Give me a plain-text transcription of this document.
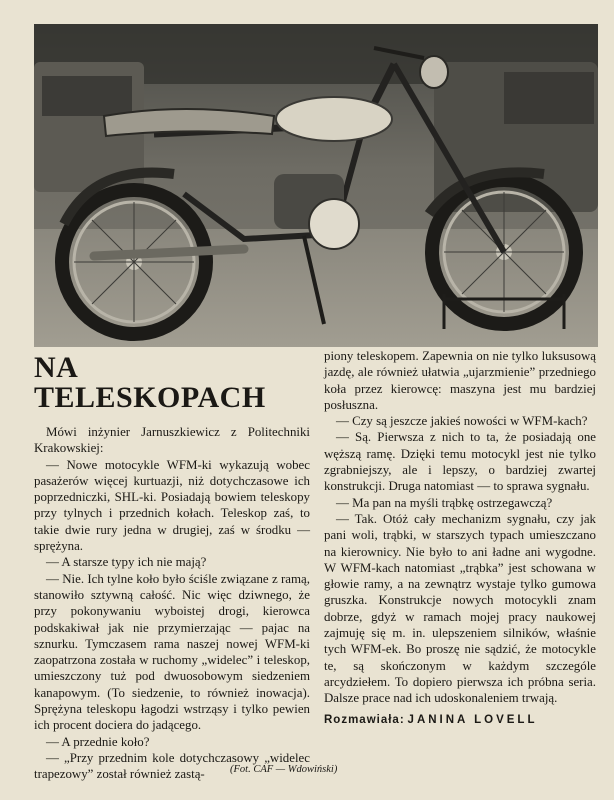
NA TELESKOPACH

Mówi inżynier Jarnuszkiewicz z Politechniki Krakowskiej:

— Nowe motocykle WFM-ki wykazują wobec pasażerów więcej kurtuazji, niż dotychczasowe ich poprzedniczki, SHL-ki. Posiadają bowiem teleskopy przy tylnych i przednich kołach. Teleskop zaś, to takie dwie rury jedna w drugiej, zaś w środku — sprężyna.

— A starsze typy ich nie mają?

— Nie. Ich tylne koło było ściśle związane z ramą, stanowiło sztywną całość. Nic więc dziwnego, że przy pokonywaniu wyboistej drogi, kierowca podskakiwał jak nie przymierzając — pajac na sznurku. Tymczasem rama naszej nowej WFM-ki zaopatrzona została w ruchomy „widelec” i teleskop, umieszczony tuż pod dwuosobowym siedzeniem kanapowym. (To siedzenie, to również inowacja). Sprężyna teleskopu łagodzi wstrząsy i tylko pewien ich procent dociera do jadącego.

— A przednie koło?

— „Przy przednim kole dotychczasowy „widelec trapezowy” został również zastą-

piony teleskopem. Zapewnia on nie tylko luksusową jazdę, ale również ułatwia „ujarzmienie” przedniego koła przez kierowcę: maszyna jest mu bardziej posłuszna.

— Czy są jeszcze jakieś nowości w WFM-kach?

— Są. Pierwsza z nich to ta, że posiadają one węższą ramę. Dzięki temu motocykl jest nie tylko zgrabniejszy, ale i lepszy, o bardziej zwartej konstrukcji. Druga natomiast — to sprawa sygnału.

— Ma pan na myśli trąbkę ostrzegawczą?

— Tak. Otóż cały mechanizm sygnału, czy jak pani woli, trąbki, w starszych typach umieszczano na kierownicy. Nie było to ani ładne ani wygodne. W WFM-kach natomiast „trąbka” jest schowana w głowie ramy, a na zewnątrz wystaje tylko gumowa gruszka. Konstrukcje nowych motocykli znam dobrze, gdyż w ramach mojej pracy naukowej zajmuję się m. in. ulepszeniem silników, właśnie tych WFM-ek. Bo proszę nie sądzić, że motocykle te, są skończonym w każdym szczególe arcydziełem. To dopiero pierwsza ich próbna seria. Dalsze prace nad ich udoskonaleniem trwają.

Rozmawiała: JANINA LOVELL

(Fot. CAF — Wdowiński)
